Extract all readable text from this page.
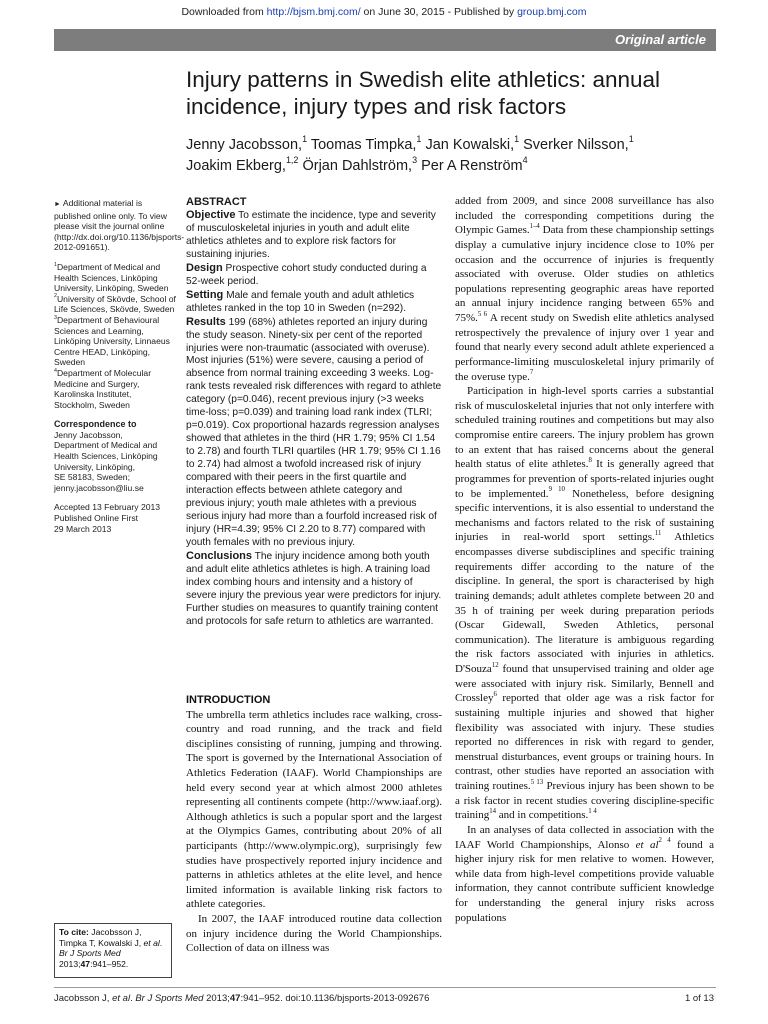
Downloaded from http://bjsm.bmj.com/ on June 30, 2015 - Published by group.bmj.com
Original article
Injury patterns in Swedish elite athletics: annual incidence, injury types and risk factors
Jenny Jacobsson,$^1$ Toomas Timpka,$^1$ Jan Kowalski,$^1$ Sverker Nilsson,$^1$
Joakim Ekberg,$^{1,2}$ Örjan Dahlström,$^3$ Per A Renström$^4$

► Additional material is published online only. To view please visit the journal online (http://dx.doi.org/10.1136/bjsports-2012-091651).

$^1$Department of Medical and Health Sciences, Linköping University, Linköping, Sweden

$^2$University of Skövde, School of Life Sciences, Skövde, Sweden

$^3$Department of Behavioural Sciences and Learning, Linköping University, Linnaeus Centre HEAD, Linköping, Sweden

$^4$Department of Molecular Medicine and Surgery, Karolinska Institutet, Stockholm, Sweden

Correspondence to

Jenny Jacobsson,

Department of Medical and

Health Sciences, Linköping

University, Linköping,

SE 58183, Sweden;

jenny.jacobsson@liu.se

Accepted 13 February 2013

Published Online First

29 March 2013

To cite: Jacobsson J, Timpka T, Kowalski J, et al. Br J Sports Med 2013;47:941–952.
ABSTRACT

Objective To estimate the incidence, type and severity of musculoskeletal injuries in youth and adult elite athletics athletes and to explore risk factors for sustaining injuries.

Design Prospective cohort study conducted during a 52-week period.

Setting Male and female youth and adult athletics athletes ranked in the top 10 in Sweden (n=292).

Results 199 (68%) athletes reported an injury during the study season. Ninety-six per cent of the reported injuries were non-traumatic (associated with overuse). Most injuries (51%) were severe, causing a period of absence from normal training exceeding 3 weeks. Log-rank tests revealed risk differences with regard to athlete category (p=0.046), recent previous injury (>3 weeks time-loss; p=0.039) and training load rank index (TLRI; p=0.019). Cox proportional hazards regression analyses showed that athletes in the third (HR 1.79; 95% CI 1.54 to 2.78) and fourth TLRI quartiles (HR 1.79; 95% CI 1.16 to 2.74) had almost a twofold increased risk of injury compared with their peers in the first quartile and interaction effects between athlete category and previous injury; youth male athletes with a previous serious injury had more than a fourfold increased risk of injury (HR=4.39; 95% CI 2.20 to 8.77) compared with youth females with no previous injury.

Conclusions The injury incidence among both youth and adult elite athletics athletes is high. A training load index combing hours and intensity and a history of severe injury the previous year were predictors for injury. Further studies on measures to quantify training content and protocols for safe return to athletics are warranted.

INTRODUCTION

The umbrella term athletics includes race walking, cross-country and road running, and the track and field disciplines consisting of running, jumping and throwing. The sport is governed by the International Association of Athletics Federation (IAAF). World Championships are held every second year at which almost 2000 athletes representing all continents compete (http://www.iaaf.org). Although athletics is such a popular sport and the largest at the Olympics Games, contributing about 20% of all participants (http://www.olympic.org), surprisingly few studies have prospectively reported injury incidence and patterns in athletics athletes at the elite level, and hence limited information is available linking risk factors to athlete categories.

In 2007, the IAAF introduced routine data collection on injury incidence during the World Championships. Collection of data on illness was

added from 2009, and since 2008 surveillance has also included the corresponding competitions during the Olympic Games.$^{1-4}$ Data from these championship settings display a cumulative injury incidence close to 10% per occasion and the occurrence of injuries is frequently associated with overuse. Older studies on athletics populations representing geographic areas have reported an annual injury incidence ranging between 65% and 75%.$^{5 6}$ A recent study on Swedish elite athletics analysed retrospectively the prevalence of injury over 1 year and found that nearly every second adult athlete experienced a performance-limiting musculoskeletal injury primarily of the overuse type.$^7$

Participation in high-level sports carries a substantial risk of musculoskeletal injuries that not only interfere with scheduled training routines and competitions but may also compromise entire careers. The injury problem has grown to an extent that has raised concerns about the general health status of elite athletes.$^8$ It is generally agreed that programmes for prevention of sports-related injuries ought to be implemented.$^{9 10}$ Nonetheless, before designing specific interventions, it is also essential to understand the mechanisms and factors related to the risk of sustaining injuries in real-world sport settings.$^{11}$ Athletics encompasses diverse subdisciplines and specific training requirements differ according to the nature of the discipline. In general, the sport is characterised by high training demands; adult athletes complete between 20 and 35 h of training per week during preparation periods (Oscar Gidewall, Sweden Athletics, personal communication). The literature is ambiguous regarding the risk factors associated with injuries in athletics. D'Souza$^{12}$ found that unsupervised training and older age were associated with injury risk. Similarly, Bennell and Crossley$^6$ reported that older age was a risk factor for sustaining multiple injuries and showed that higher flexibility was associated with injury. These studies reported no differences in risk with regard to gender, menstrual disturbances, event groups or training hours. In contrast, other studies have reported an association with training routines.$^{5 13}$ Previous injury has been shown to be a risk factor in recent studies covering discipline-specific training$^{14}$ and in competitions.$^{1 4}$

In an analyses of data collected in association with the IAAF World Championships, Alonso et $al^{2 4}$ found a higher injury risk for men relative to women. However, while data from high-level competitions provide valuable information, they cannot contribute sufficient knowledge for understanding the general injury risks across populations

Jacobsson J, et al. Br J Sports Med 2013;47:941–952. doi:10.1136/bjsports-2013-092676	1 of 13
